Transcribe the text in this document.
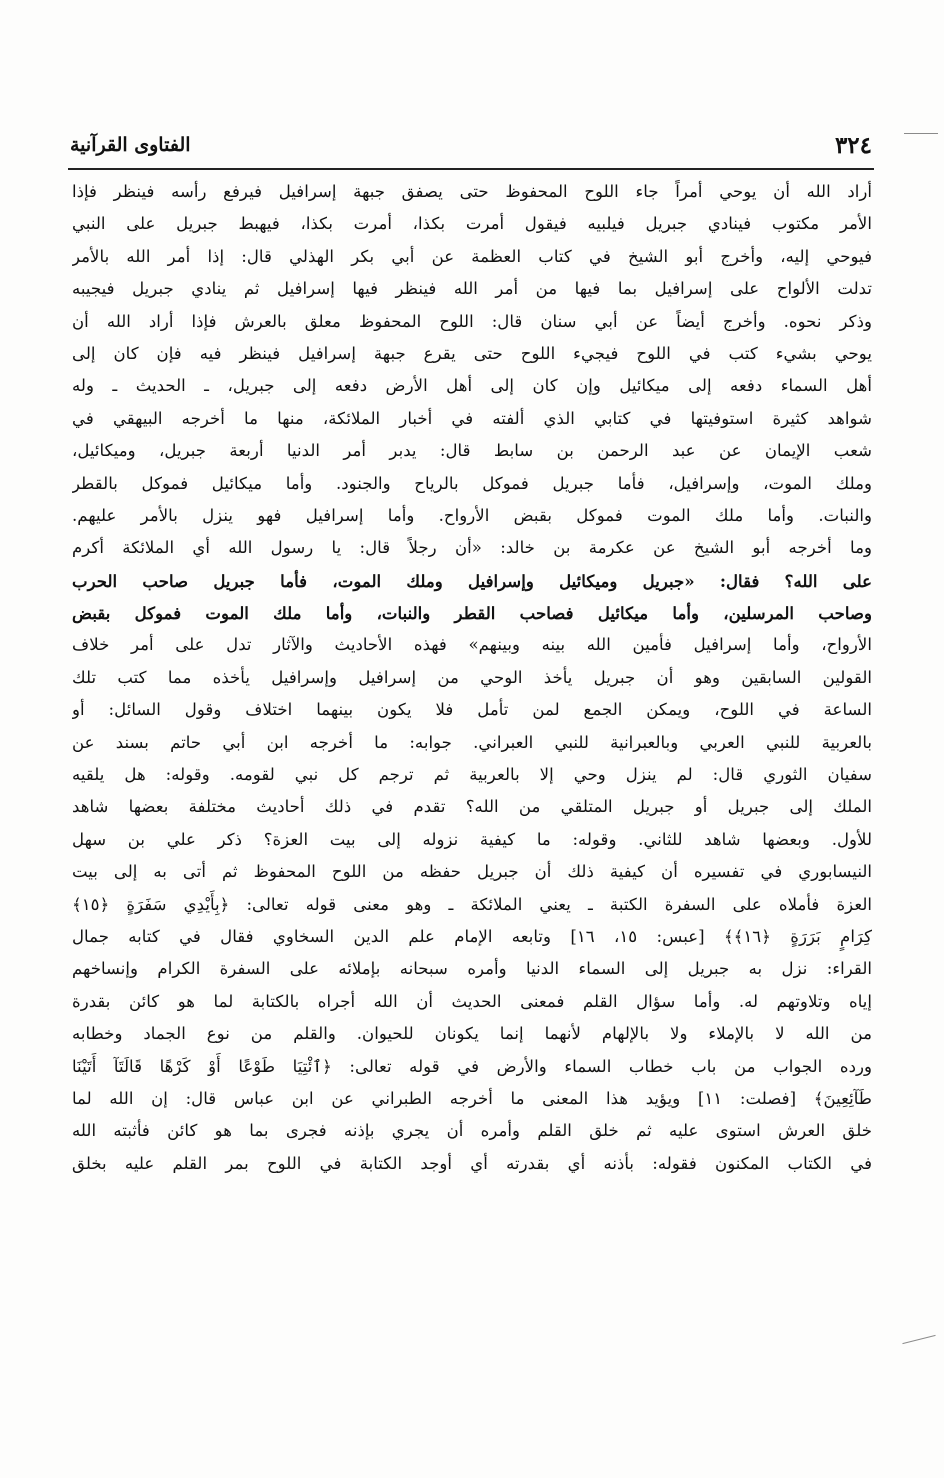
٣٢٤
الفتاوى القرآنية
أراد الله أن يوحي أمراً جاء اللوح المحفوظ حتى يصفق جبهة إسرافيل فيرفع رأسه فينظر فإذا
الأمر مكتوب فينادي جبريل فيلبيه فيقول أمرت بكذا، أمرت بكذا، فيهبط جبريل على النبي
فيوحي إليه، وأخرج أبو الشيخ في كتاب العظمة عن أبي بكر الهذلي قال: إذا أمر الله بالأمر
تدلت الألواح على إسرافيل بما فيها من أمر الله فينظر فيها إسرافيل ثم ينادي جبريل فيجيبه
وذكر نحوه. وأخرج أيضاً عن أبي سنان قال: اللوح المحفوظ معلق بالعرش فإذا أراد الله أن
يوحي بشيء كتب في اللوح فيجيء اللوح حتى يقرع جبهة إسرافيل فينظر فيه فإن كان إلى
أهل السماء دفعه إلى ميكائيل وإن كان إلى أهل الأرض دفعه إلى جبريل، ـ الحديث ـ وله
شواهد كثيرة استوفيتها في كتابي الذي ألفته في أخبار الملائكة، منها ما أخرجه البيهقي في
شعب الإيمان عن عبد الرحمن بن سابط قال: يدبر أمر الدنيا أربعة جبريل، وميكائيل،
وملك الموت، وإسرافيل، فأما جبريل فموكل بالرياح والجنود. وأما ميكائيل فموكل بالقطر
والنبات. وأما ملك الموت فموكل بقبض الأرواح. وأما إسرافيل فهو ينزل بالأمر عليهم.
وما أخرجه أبو الشيخ عن عكرمة بن خالد: «أن رجلاً قال: يا رسول الله أي الملائكة أكرم
على الله؟ فقال: «جبريل وميكائيل وإسرافيل وملك الموت، فأما جبريل صاحب الحرب
وصاحب المرسلين، وأما ميكائيل فصاحب القطر والنبات، وأما ملك الموت فموكل بقبض
الأرواح، وأما إسرافيل فأمين الله بينه وبينهم» فهذه الأحاديث والآثار تدل على أمر خلاف
القولين السابقين وهو أن جبريل يأخذ الوحي من إسرافيل وإسرافيل يأخذه مما كتب تلك
الساعة في اللوح، ويمكن الجمع لمن تأمل فلا يكون بينهما اختلاف وقول السائل: أو
بالعربية للنبي العربي وبالعبرانية للنبي العبراني. جوابه: ما أخرجه ابن أبي حاتم بسند عن
سفيان الثوري قال: لم ينزل وحي إلا بالعربية ثم ترجم كل نبي لقومه. وقوله: هل يلقيه
الملك إلى جبريل أو جبريل المتلقي من الله؟ تقدم في ذلك أحاديث مختلفة بعضها شاهد
للأول. وبعضها شاهد للثاني. وقوله: ما كيفية نزوله إلى بيت العزة؟ ذكر علي بن سهل
النيسابوري في تفسيره أن كيفية ذلك أن جبريل حفظه من اللوح المحفوظ ثم أتى به إلى بيت
العزة فأملاه على السفرة الكتبة ـ يعني الملائكة ـ وهو معنى قوله تعالى: ﴿بِأَيْدِي سَفَرَةٍ ﴿١٥﴾
كِرَامٍ بَرَرَةٍ ﴿١٦﴾﴾ [عبس: ١٥، ١٦] وتابعه الإمام علم الدين السخاوي فقال في كتابه جمال
القراء: نزل به جبريل إلى السماء الدنيا وأمره سبحانه بإملائه على السفرة الكرام وإنساخهم
إياه وتلاوتهم له. وأما سؤال القلم فمعنى الحديث أن الله أجراه بالكتابة لما هو كائن بقدرة
من الله لا بالإملاء ولا بالإلهام لأنهما إنما يكونان للحيوان. والقلم من نوع الجماد وخطابه
ورده الجواب من باب خطاب السماء والأرض في قوله تعالى: ﴿ٱئْتِيَا طَوْعًا أَوْ كَرْهًا قَالَتَآ أَتَيْنَا
طَآئِعِينَ﴾ [فصلت: ١١] ويؤيد هذا المعنى ما أخرجه الطبراني عن ابن عباس قال: إن الله لما
خلق العرش استوى عليه ثم خلق القلم وأمره أن يجري بإذنه فجرى بما هو كائن فأثبته الله
في الكتاب المكنون فقوله: بأذنه أي بقدرته أي أوجد الكتابة في اللوح بمر القلم عليه بخلق
